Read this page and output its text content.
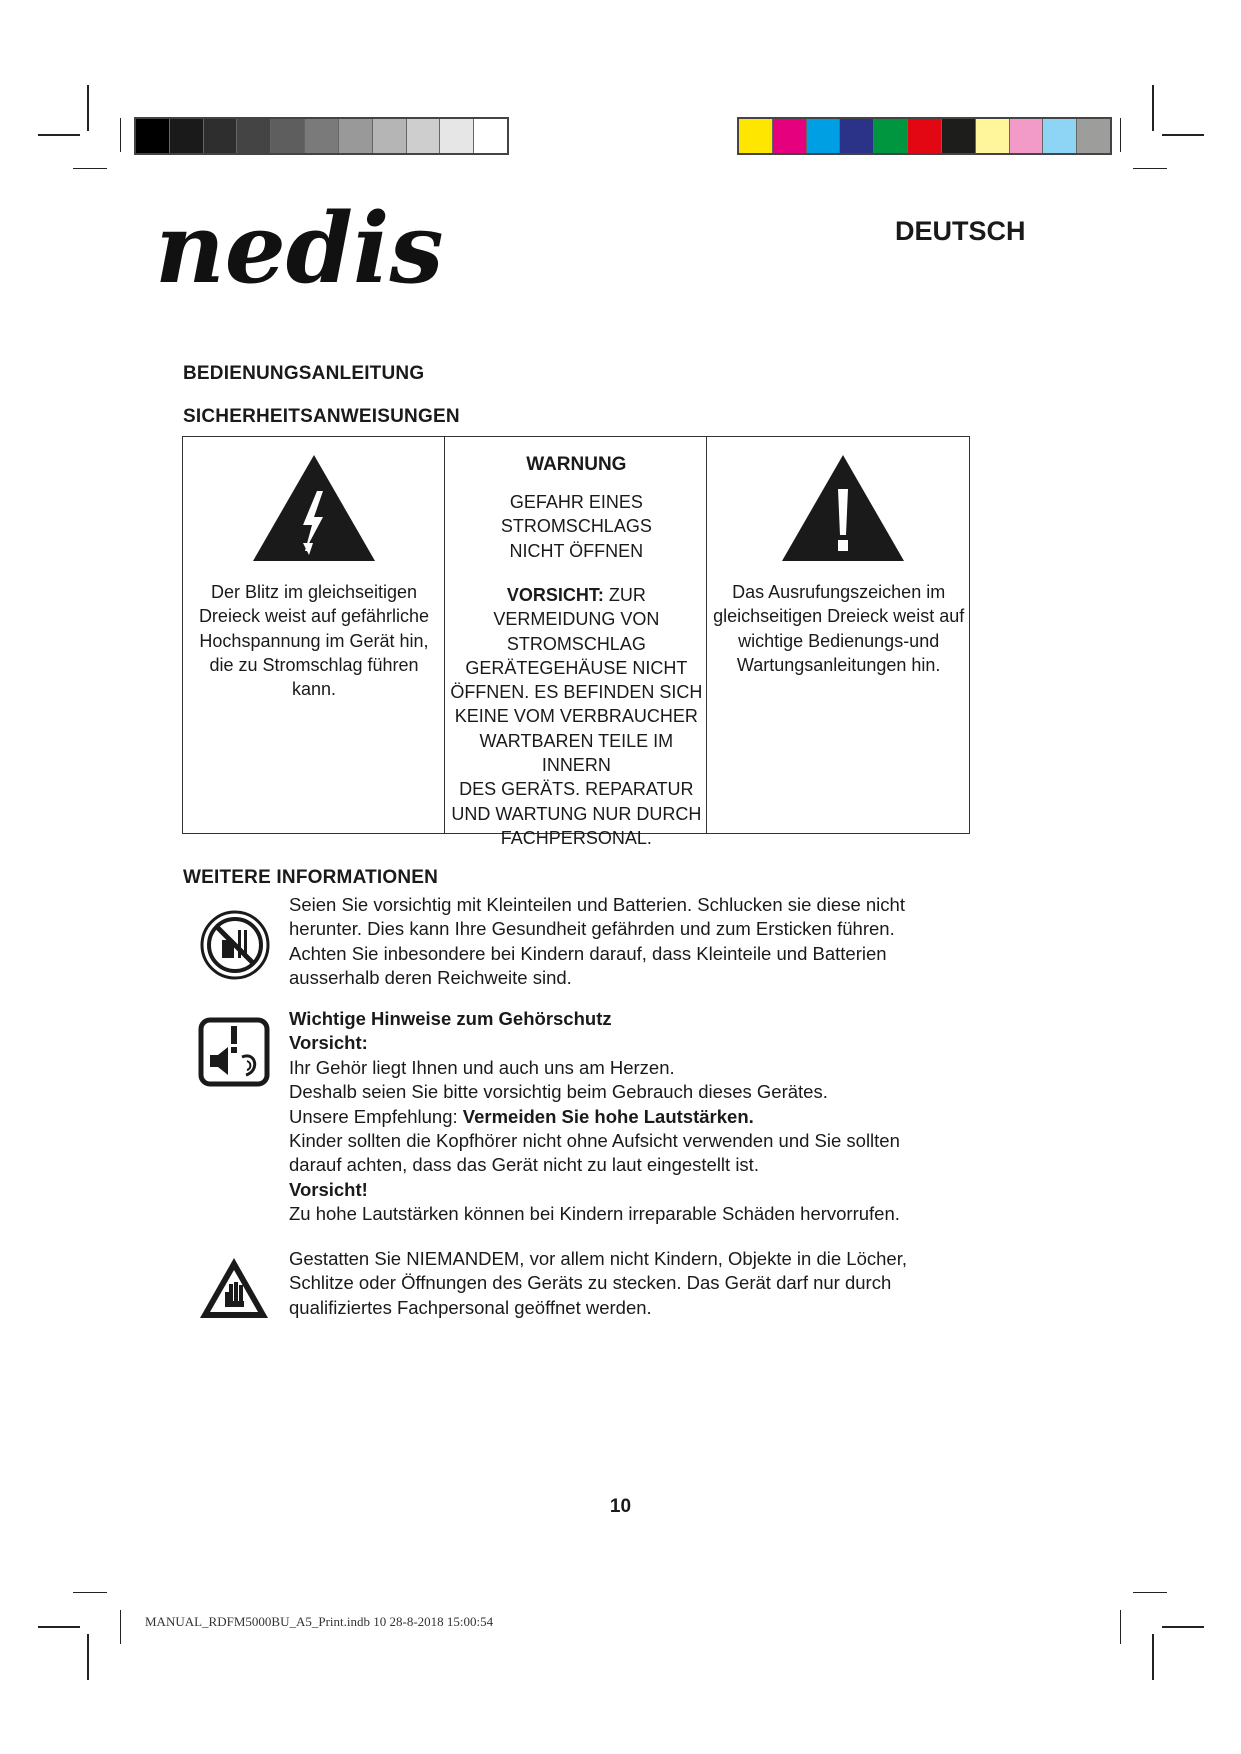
nedis	DEUTSCH
BEDIENUNGSANLEITUNG
SICHERHEITSANWEISUNGEN
Der Blitz im gleichseitigen Dreieck weist auf gefährliche Hochspannung im Gerät hin, die zu Stromschlag führen kann.
WARNUNG
GEFAHR EINES
STROMSCHLAGS
NICHT ÖFFNEN
VORSICHT: ZUR
VERMEIDUNG VON
STROMSCHLAG
GERÄTEGEHÄUSE NICHT
ÖFFNEN. ES BEFINDEN SICH
KEINE VOM VERBRAUCHER
WARTBAREN TEILE IM INNERN
DES GERÄTS. REPARATUR
UND WARTUNG NUR DURCH
FACHPERSONAL.
Das Ausrufungszeichen im gleichseitigen Dreieck weist auf wichtige Bedienungs-und Wartungsanleitungen hin.
WEITERE INFORMATIONEN

Seien Sie vorsichtig mit Kleinteilen und Batterien. Schlucken sie diese nicht

herunter. Dies kann Ihre Gesundheit gefährden und zum Ersticken führen.

Achten Sie inbesondere bei Kindern darauf, dass Kleinteile und Batterien

ausserhalb deren Reichweite sind.

Wichtige Hinweise zum Gehörschutz

Vorsicht:

Ihr Gehör liegt Ihnen und auch uns am Herzen.

Deshalb seien Sie bitte vorsichtig beim Gebrauch dieses Gerätes.

Unsere Empfehlung: Vermeiden Sie hohe Lautstärken.

Kinder sollten die Kopfhörer nicht ohne Aufsicht verwenden und Sie sollten

darauf achten, dass das Gerät nicht zu laut eingestellt ist.

Vorsicht!

Zu hohe Lautstärken können bei Kindern irreparable Schäden hervorrufen.

Gestatten Sie NIEMANDEM, vor allem nicht Kindern, Objekte in die Löcher,

Schlitze oder Öffnungen des Geräts zu stecken. Das Gerät darf nur durch

qualifiziertes Fachpersonal geöffnet werden.

10
MANUAL_RDFM5000BU_A5_Print.indb 10 28-8-2018 15:00:54
